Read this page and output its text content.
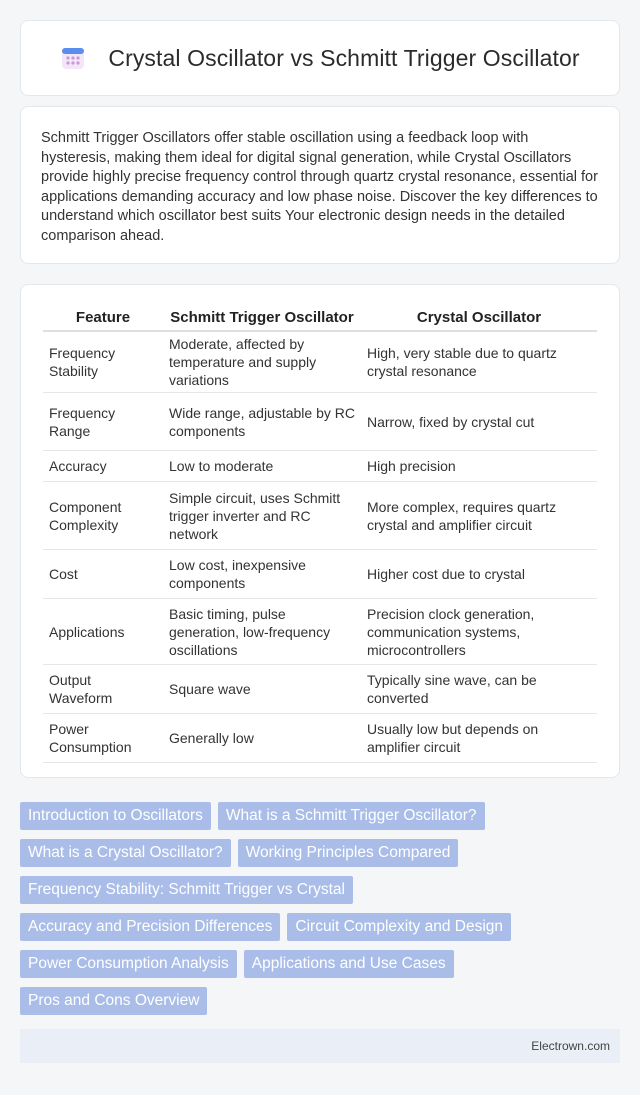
Crystal Oscillator vs Schmitt Trigger Oscillator

Schmitt Trigger Oscillators offer stable oscillation using a feedback loop with hysteresis, making them ideal for digital signal generation, while Crystal Oscillators provide highly precise frequency control through quartz crystal resonance, essential for applications demanding accuracy and low phase noise. Discover the key differences to understand which oscillator best suits Your electronic design needs in the detailed comparison ahead.

Feature	Schmitt Trigger Oscillator	Crystal Oscillator
Frequency Stability	Moderate, affected by temperature and supply variations	High, very stable due to quartz crystal resonance
Frequency Range	Wide range, adjustable by RC components	Narrow, fixed by crystal cut
Accuracy	Low to moderate	High precision
Component Complexity	Simple circuit, uses Schmitt trigger inverter and RC network	More complex, requires quartz crystal and amplifier circuit
Cost	Low cost, inexpensive components	Higher cost due to crystal
Applications	Basic timing, pulse generation, low-frequency oscillations	Precision clock generation, communication systems, microcontrollers
Output Waveform	Square wave	Typically sine wave, can be converted
Power Consumption	Generally low	Usually low but depends on amplifier circuit
Introduction to Oscillators	What is a Schmitt Trigger Oscillator?
What is a Crystal Oscillator?	Working Principles Compared
Frequency Stability: Schmitt Trigger vs Crystal
Accuracy and Precision Differences	Circuit Complexity and Design
Power Consumption Analysis	Applications and Use Cases
Pros and Cons Overview
Electrown.com
